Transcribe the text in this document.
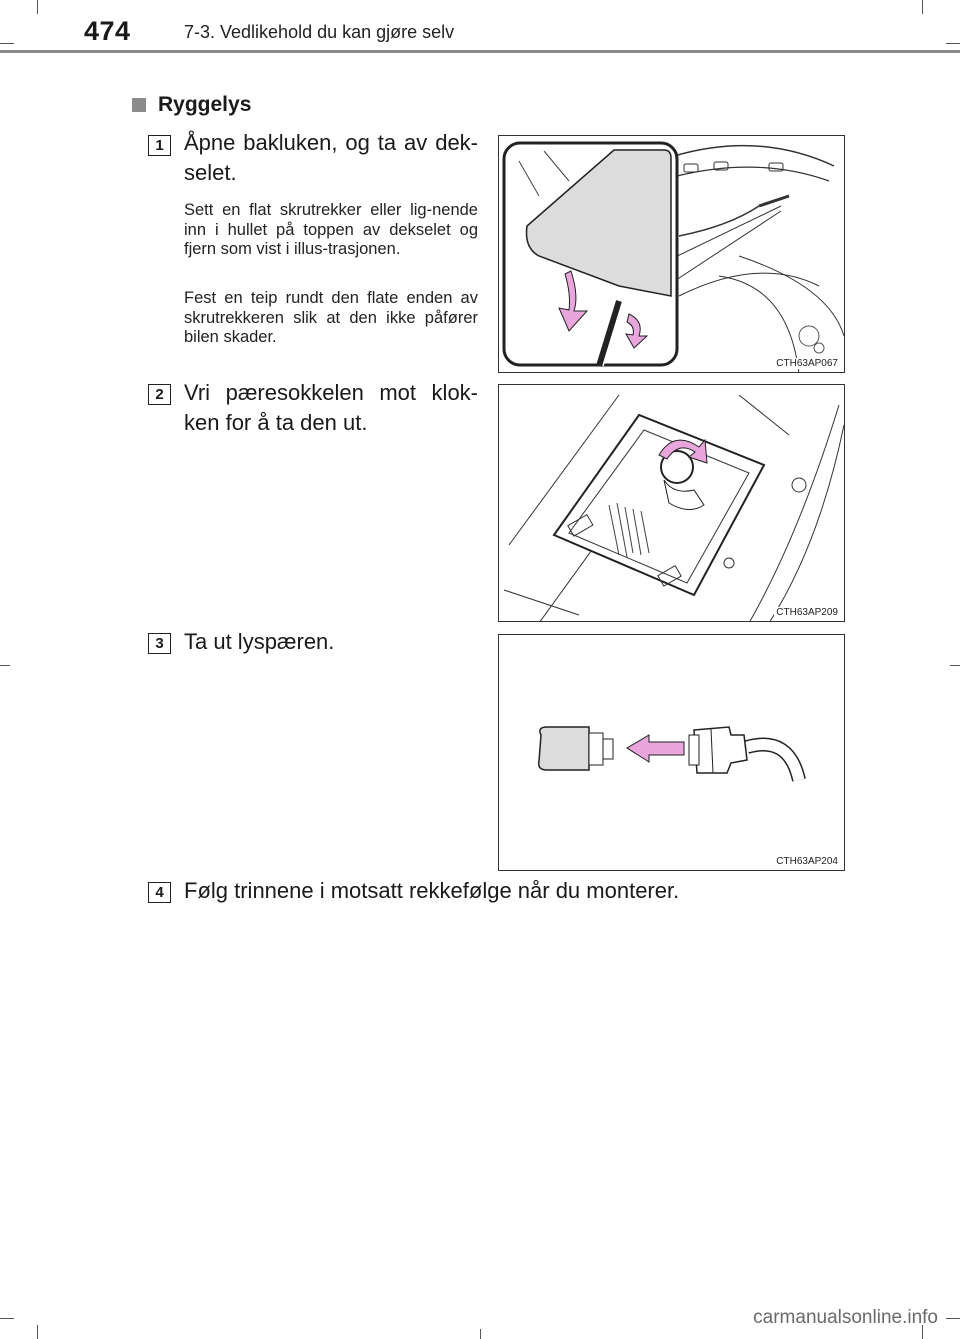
474	7-3. Vedlikehold du kan gjøre selv
Ryggelys
1 Åpne bakluken, og ta av dek-selet.
Sett en flat skrutrekker eller lig-nende inn i hullet på toppen av dekselet og fjern som vist i illus-trasjonen.
Fest en teip rundt den flate enden av skrutrekkeren slik at den ikke påfører bilen skader.
CTH63AP067
2 Vri pæresokkelen mot klok-ken for å ta den ut.
CTH63AP209
3 Ta ut lyspæren.
CTH63AP204
4 Følg trinnene i motsatt rekkefølge når du monterer.
carmanualsonline.info
